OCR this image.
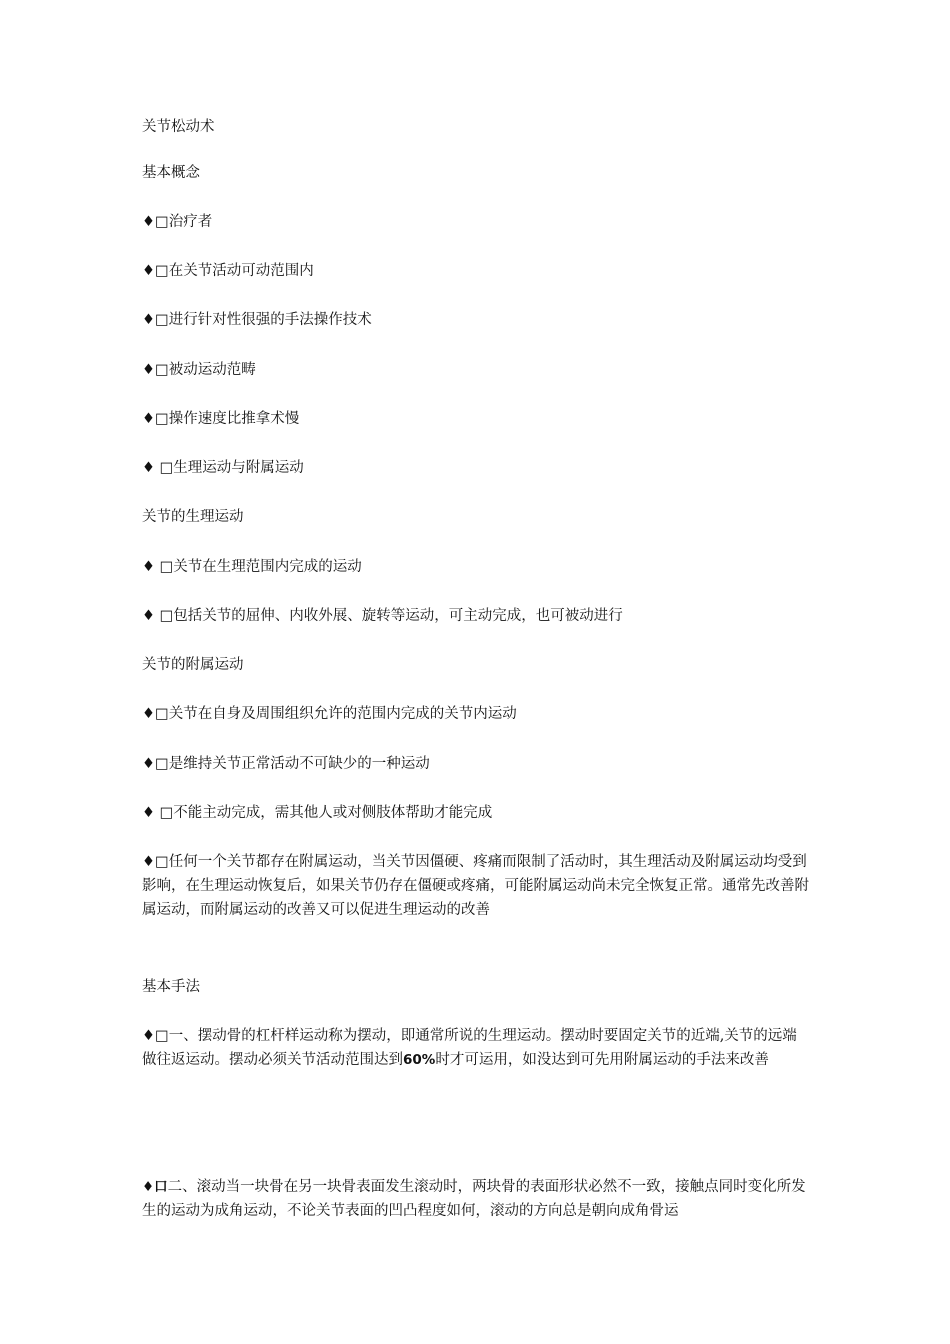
关节松动术
基本概念
♦□治疗者
♦□在关节活动可动范围内
♦□进行针对性很强的手法操作技术
♦□被动运动范畴
♦□操作速度比推拿术慢
♦ □生理运动与附属运动
关节的生理运动
♦ □关节在生理范围内完成的运动
♦ □包括关节的屈伸、内收外展、旋转等运动，可主动完成，也可被动进行
关节的附属运动
♦□关节在自身及周围组织允许的范围内完成的关节内运动
♦□是维持关节正常活动不可缺少的一种运动
♦ □不能主动完成，需其他人或对侧肢体帮助才能完成
♦□任何一个关节都存在附属运动，当关节因僵硬、疼痛而限制了活动时，其生理活动及附属运动均受到影响，在生理运动恢复后，如果关节仍存在僵硬或疼痛，可能附属运动尚未完全恢复正常。通常先改善附属运动，而附属运动的改善又可以促进生理运动的改善
基本手法
♦□一、摆动骨的杠杆样运动称为摆动，即通常所说的生理运动。摆动时要固定关节的近端,关节的远端做往返运动。摆动必须关节活动范围达到60%时才可运用，如没达到可先用附属运动的手法来改善
♦口二、滚动当一块骨在另一块骨表面发生滚动时，两块骨的表面形状必然不一致，接触点同时变化所发生的运动为成角运动，不论关节表面的凹凸程度如何，滚动的方向总是朝向成角骨运
